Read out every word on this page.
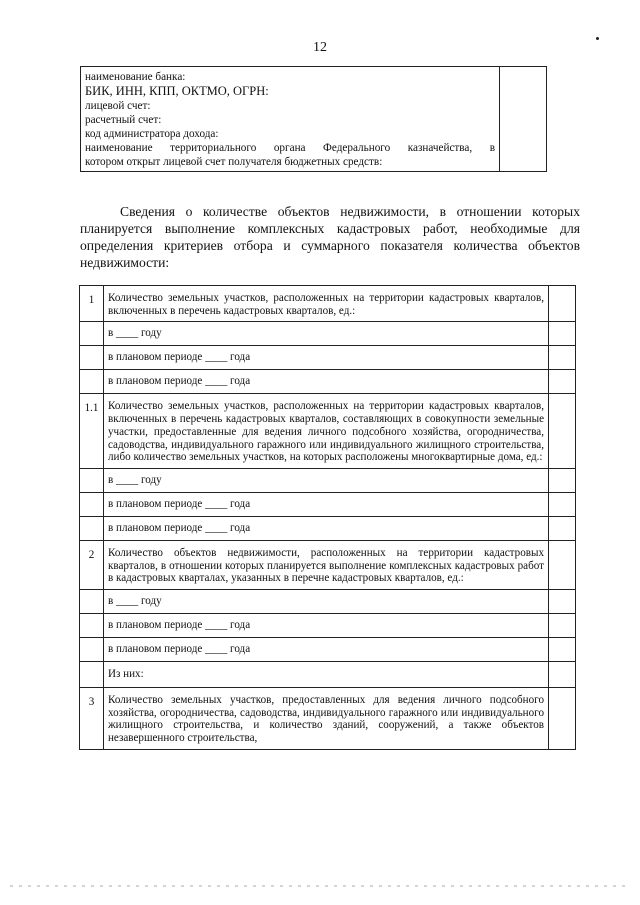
12
наименование банка:
БИК, ИНН, КПП, ОКТМО, ОГРН:
лицевой счет:
расчетный счет:
код администратора дохода:
наименование территориального органа Федерального казначейства, в
котором открыт лицевой счет получателя бюджетных средств:

Сведения о количестве объектов недвижимости, в отношении которых планируется выполнение комплексных кадастровых работ, необходимые для определения критериев отбора и суммарного показателя количества объектов недвижимости:
1	Количество земельных участков, расположенных на территории кадастровых кварталов, включенных в перечень кадастровых кварталов, ед.:	
	в ____ году	
	в плановом периоде ____ года	
	в плановом периоде ____ года	
1.1	Количество земельных участков, расположенных на территории кадастровых кварталов, включенных в перечень кадастровых кварталов, составляющих в совокупности земельные участки, предоставленные для ведения личного подсобного хозяйства, огородничества, садоводства, индивидуального гаражного или индивидуального жилищного строительства, либо количество земельных участков, на которых расположены многоквартирные дома, ед.:	
	в ____ году	
	в плановом периоде ____ года	
	в плановом периоде ____ года	
2	Количество объектов недвижимости, расположенных на территории кадастровых кварталов, в отношении которых планируется выполнение комплексных кадастровых работ в кадастровых кварталах, указанных в перечне кадастровых кварталов, ед.:	
	в ____ году	
	в плановом периоде ____ года	
	в плановом периоде ____ года	
	Из них:	
3	Количество земельных участков, предоставленных для ведения личного подсобного хозяйства, огородничества, садоводства, индивидуального гаражного или индивидуального жилищного строительства, и количество зданий, сооружений, а также объектов незавершенного строительства,	
